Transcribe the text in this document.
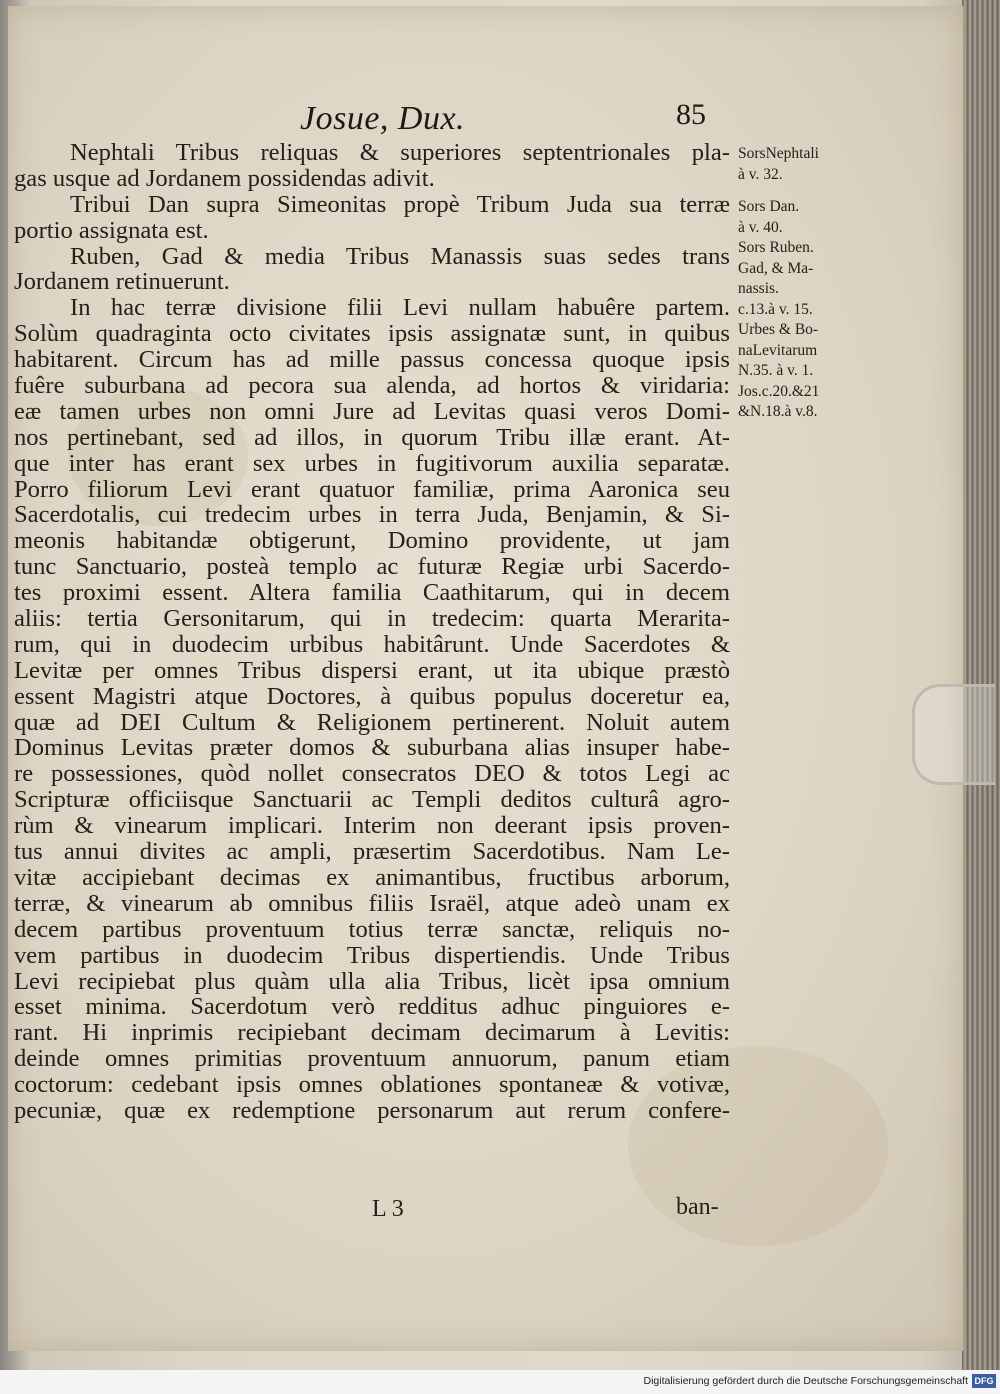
Josue, Dux.	85
Nephtali Tribus reliquas & superiores septentrionales pla-
gas usque ad Jordanem possidendas adivit.
Tribui Dan supra Simeonitas propè Tribum Juda sua terræ
portio assignata est.
Ruben, Gad & media Tribus Manassis suas sedes trans
Jordanem retinuerunt.
In hac terræ divisione filii Levi nullam habuêre partem.
Solùm quadraginta octo civitates ipsis assignatæ sunt, in quibus
habitarent. Circum has ad mille passus concessa quoque ipsis
fuêre suburbana ad pecora sua alenda, ad hortos & viridaria:
eæ tamen urbes non omni Jure ad Levitas quasi veros Domi-
nos pertinebant, sed ad illos, in quorum Tribu illæ erant. At-
que inter has erant sex urbes in fugitivorum auxilia separatæ.
Porro filiorum Levi erant quatuor familiæ, prima Aaronica seu
Sacerdotalis, cui tredecim urbes in terra Juda, Benjamin, & Si-
meonis habitandæ obtigerunt, Domino providente, ut jam
tunc Sanctuario, posteà templo ac futuræ Regiæ urbi Sacerdo-
tes proximi essent. Altera familia Caathitarum, qui in decem
aliis: tertia Gersonitarum, qui in tredecim: quarta Merarita-
rum, qui in duodecim urbibus habitârunt. Unde Sacerdotes &
Levitæ per omnes Tribus dispersi erant, ut ita ubique præstò
essent Magistri atque Doctores, à quibus populus doceretur ea,
quæ ad DEI Cultum & Religionem pertinerent. Noluit autem
Dominus Levitas præter domos & suburbana alias insuper habe-
re possessiones, quòd nollet consecratos DEO & totos Legi ac
Scripturæ officiisque Sanctuarii ac Templi deditos culturâ agro-
rùm & vinearum implicari. Interim non deerant ipsis proven-
tus annui divites ac ampli, præsertim Sacerdotibus. Nam Le-
vitæ accipiebant decimas ex animantibus, fructibus arborum,
terræ, & vinearum ab omnibus filiis Israël, atque adeò unam ex
decem partibus proventuum totius terræ sanctæ, reliquis no-
vem partibus in duodecim Tribus dispertiendis. Unde Tribus
Levi recipiebat plus quàm ulla alia Tribus, licèt ipsa omnium
esset minima. Sacerdotum verò redditus adhuc pinguiores e-
rant. Hi inprimis recipiebant decimam decimarum à Levitis:
deinde omnes primitias proventuum annuorum, panum etiam
coctorum: cedebant ipsis omnes oblationes spontaneæ & votivæ,
pecuniæ, quæ ex redemptione personarum aut rerum confere-
SorsNephtali
à v. 32.
Sors Dan.
à v. 40.
Sors Ruben.
Gad, & Ma-
nassis.
c.13.à v. 15.
Urbes & Bo-
naLevitarum
N.35. à v. 1.
Jos.c.20.&21
&N.18.à v.8.
L 3	ban-
Digitalisierung gefördert durch die Deutsche Forschungsgemeinschaft DFG
